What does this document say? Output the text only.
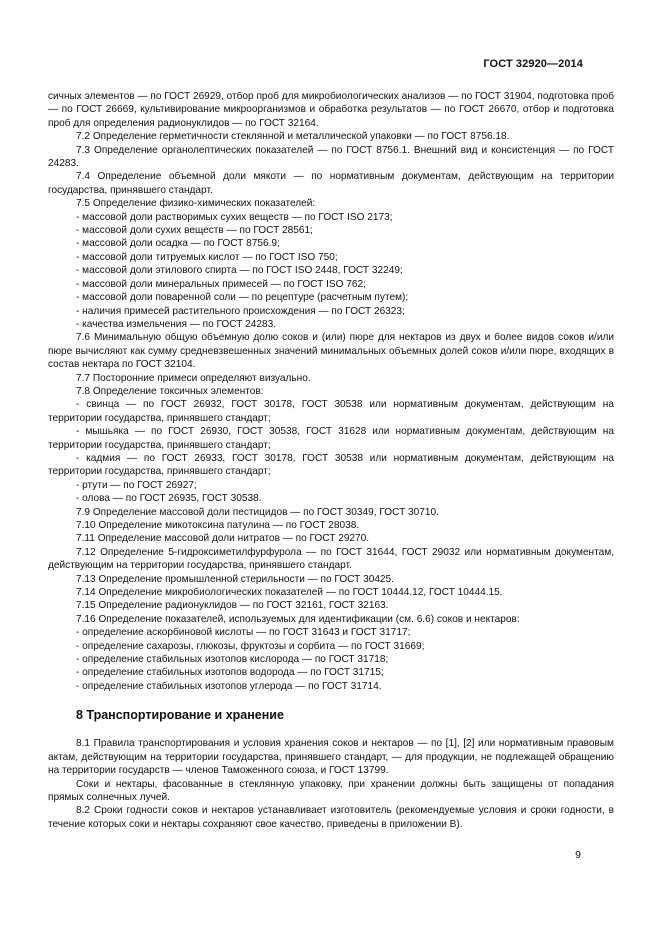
ГОСТ 32920—2014

сичных элементов — по ГОСТ 26929, отбор проб для микробиологических анализов — по ГОСТ 31904, подготовка проб — по ГОСТ 26669, культивирование микроорганизмов и обработка результатов — по ГОСТ 26670, отбор и подготовка проб для определения радионуклидов — по ГОСТ 32164.

7.2 Определение герметичности стеклянной и металлической упаковки — по ГОСТ 8756.18.

7.3 Определение органолептических показателей — по ГОСТ 8756.1. Внешний вид и консистенция — по ГОСТ 24283.

7.4 Определение объемной доли мякоти — по нормативным документам, действующим на территории государства, принявшего стандарт.

7.5 Определение физико-химических показателей:

- массовой доли растворимых сухих веществ — по ГОСТ ISO 2173;

- массовой доли сухих веществ — по ГОСТ 28561;

- массовой доли осадка — по ГОСТ 8756.9;

- массовой доли титруемых кислот — по ГОСТ ISO 750;

- массовой доли этилового спирта — по ГОСТ ISO 2448, ГОСТ 32249;

- массовой доли минеральных примесей — по ГОСТ ISO 762;

- массовой доли поваренной соли — по рецептуре (расчетным путем);

- наличия примесей растительного происхождения — по ГОСТ 26323;

- качества измельчения — по ГОСТ 24283.

7.6 Минимальную общую объемную долю соков и (или) пюре для нектаров из двух и более видов соков и/или пюре вычисляют как сумму средневзвешенных значений минимальных объемных долей соков и/или пюре, входящих в состав нектара по ГОСТ 32104.

7.7 Посторонние примеси определяют визуально.

7.8 Определение токсичных элементов:

- свинца — по ГОСТ 26932, ГОСТ 30178, ГОСТ 30538 или нормативным документам, действующим на территории государства, принявшего стандарт;

- мышьяка — по ГОСТ 26930, ГОСТ 30538, ГОСТ 31628 или нормативным документам, действующим на территории государства, принявшего стандарт;

- кадмия — по ГОСТ 26933, ГОСТ 30178, ГОСТ 30538 или нормативным документам, действующим на территории государства, принявшего стандарт;

- ртути — по ГОСТ 26927;

- олова — по ГОСТ 26935, ГОСТ 30538.

7.9 Определение массовой доли пестицидов — по ГОСТ 30349, ГОСТ 30710.

7.10 Определение микотоксина патулина — по ГОСТ 28038.

7.11 Определение массовой доли нитратов — по ГОСТ 29270.

7.12 Определение 5-гидроксиметилфурфурола — по ГОСТ 31644, ГОСТ 29032 или нормативным документам, действующим на территории государства, принявшего стандарт.

7.13 Определение промышленной стерильности — по ГОСТ 30425.

7.14 Определение микробиологических показателей — по ГОСТ 10444.12, ГОСТ 10444.15.

7.15 Определение радионуклидов — по ГОСТ 32161, ГОСТ 32163.

7.16 Определение показателей, используемых для идентификации (см. 6.6) соков и нектаров:

- определение аскорбиновой кислоты — по ГОСТ 31643 и ГОСТ 31717;

- определение сахарозы, глюкозы, фруктозы и сорбита — по ГОСТ 31669;

- определение стабильных изотопов кислорода — по ГОСТ 31718;

- определение стабильных изотопов водорода — по ГОСТ 31715;

- определение стабильных изотопов углерода — по ГОСТ 31714.

8 Транспортирование и хранение

8.1 Правила транспортирования и условия хранения соков и нектаров — по [1], [2] или нормативным правовым актам, действующим на территории государства, принявшего стандарт, — для продукции, не подлежащей обращению на территории государств — членов Таможенного союза, и ГОСТ 13799.

Соки и нектары, фасованные в стеклянную упаковку, при хранении должны быть защищены от попадания прямых солнечных лучей.

8.2 Сроки годности соков и нектаров устанавливает изготовитель (рекомендуемые условия и сроки годности, в течение которых соки и нектары сохраняют свое качество, приведены в приложении В).

9
